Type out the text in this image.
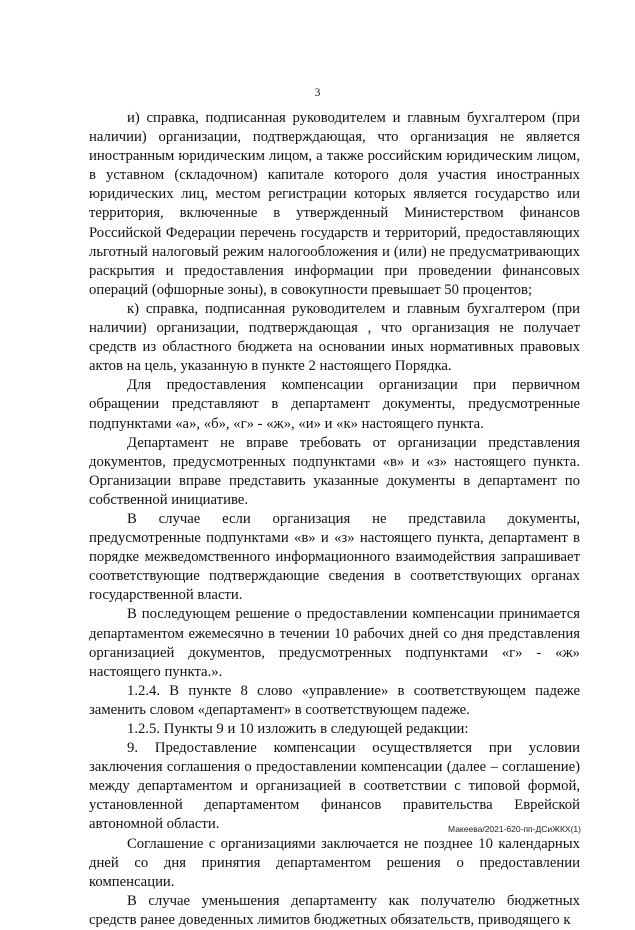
3

и) справка, подписанная руководителем и главным бухгалтером (при наличии) организации, подтверждающая, что организация не является иностранным юридическим лицом, а также российским юридическим лицом, в уставном (складочном) капитале которого доля участия иностранных юридических лиц, местом регистрации которых является государство или территория, включенные в утвержденный Министерством финансов Российской Федерации перечень государств и территорий, предоставляющих льготный налоговый режим налогообложения и (или) не предусматривающих раскрытия и предоставления информации при проведении финансовых операций (офшорные зоны), в совокупности превышает 50 процентов;

к) справка, подписанная руководителем и главным бухгалтером (при наличии) организации, подтверждающая , что организация не получает средств из областного бюджета на основании иных нормативных правовых актов на цель, указанную в пункте 2 настоящего Порядка.

Для предоставления компенсации организации при первичном обращении представляют в департамент документы, предусмотренные подпунктами «а», «б», «г» - «ж», «и» и «к» настоящего пункта.

Департамент не вправе требовать от организации представления документов, предусмотренных подпунктами «в» и «з» настоящего пункта. Организации вправе представить указанные документы в департамент по собственной инициативе.

В случае если организация не представила документы, предусмотренные подпунктами «в» и «з» настоящего пункта, департамент в порядке межведомственного информационного взаимодействия запрашивает соответствующие подтверждающие сведения в соответствующих органах государственной власти.

В последующем решение о предоставлении компенсации принимается департаментом ежемесячно в течении 10 рабочих дней со дня представления организацией документов, предусмотренных подпунктами «г» - «ж» настоящего пункта.».

1.2.4. В пункте 8 слово «управление» в соответствующем падеже заменить словом «департамент» в соответствующем падеже.

1.2.5. Пункты 9 и 10 изложить в следующей редакции:

9. Предоставление компенсации осуществляется при условии заключения соглашения о предоставлении компенсации (далее – соглашение) между департаментом и организацией в соответствии с типовой формой, установленной департаментом финансов правительства Еврейской автономной области.

Соглашение с организациями заключается не позднее 10 календарных дней со дня принятия департаментом решения о предоставлении компенсации.

В случае уменьшения департаменту как получателю бюджетных средств ранее доведенных лимитов бюджетных обязательств, приводящего к

Макеева/2021-620-пп-ДСиЖКХ(1)
